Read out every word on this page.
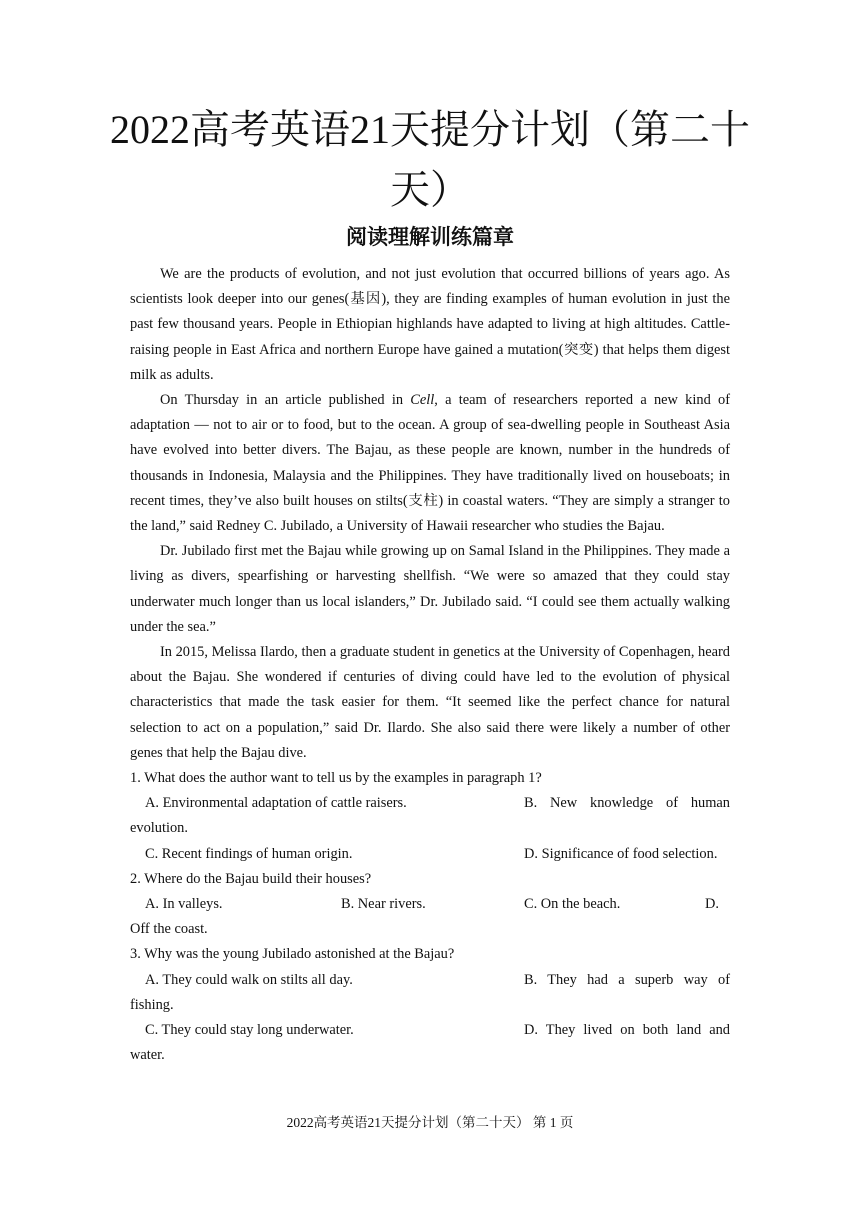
2022高考英语21天提分计划（第二十天）
阅读理解训练篇章

We are the products of evolution, and not just evolution that occurred billions of years ago. As scientists look deeper into our genes(基因), they are finding examples of human evolution in just the past few thousand years. People in Ethiopian highlands have adapted to living at high altitudes. Cattle-raising people in East Africa and northern Europe have gained a mutation(突变) that helps them digest milk as adults.

On Thursday in an article published in Cell, a team of researchers reported a new kind of adaptation — not to air or to food, but to the ocean. A group of sea-dwelling people in Southeast Asia have evolved into better divers. The Bajau, as these people are known, number in the hundreds of thousands in Indonesia, Malaysia and the Philippines. They have traditionally lived on houseboats; in recent times, they’ve also built houses on stilts(支柱) in coastal waters. “They are simply a stranger to the land,” said Redney C. Jubilado, a University of Hawaii researcher who studies the Bajau.

Dr. Jubilado first met the Bajau while growing up on Samal Island in the Philippines. They made a living as divers, spearfishing or harvesting shellfish. “We were so amazed that they could stay underwater much longer than us local islanders,” Dr. Jubilado said. “I could see them actually walking under the sea.”

In 2015, Melissa Ilardo, then a graduate student in genetics at the University of Copenhagen, heard about the Bajau. She wondered if centuries of diving could have led to the evolution of physical characteristics that made the task easier for them. “It seemed like the perfect chance for natural selection to act on a population,” said Dr. Ilardo. She also said there were likely a number of other genes that help the Bajau dive.

1. What does the author want to tell us by the examples in paragraph 1?

A. Environmental adaptation of cattle raisers.	B. New knowledge of human

evolution.

C. Recent findings of human origin.	D. Significance of food selection.

2. Where do the Bajau build their houses?

A. In valleys.	B. Near rivers.	C. On the beach.	D.

Off the coast.

3. Why was the young Jubilado astonished at the Bajau?

A. They could walk on stilts all day.	B. They had a superb way of

fishing.

C. They could stay long underwater.	D. They lived on both land and

water.

2022高考英语21天提分计划（第二十天） 第 1 页
